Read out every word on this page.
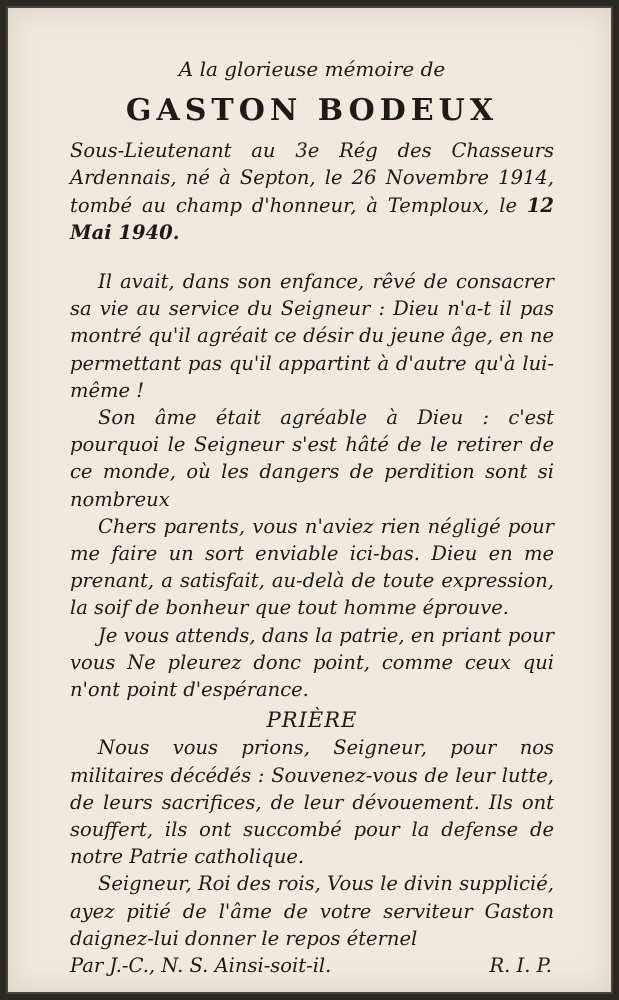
A la glorieuse mémoire de

GASTON BODEUX

Sous-Lieutenant au 3e Rég des Chasseurs Ardennais, né à Septon, le 26 Novembre 1914, tombé au champ d'honneur, à Temploux, le 12 Mai 1940.

Il avait, dans son enfance, rêvé de consacrer sa vie au service du Seigneur : Dieu n'a-t il pas montré qu'il agréait ce désir du jeune âge, en ne permettant pas qu'il appartint à d'autre qu'à lui-même !

Son âme était agréable à Dieu : c'est pourquoi le Seigneur s'est hâté de le retirer de ce monde, où les dangers de perdition sont si nombreux

Chers parents, vous n'aviez rien négligé pour me faire un sort enviable ici-bas. Dieu en me prenant, a satisfait, au-delà de toute expression, la soif de bonheur que tout homme éprouve.

Je vous attends, dans la patrie, en priant pour vous Ne pleurez donc point, comme ceux qui n'ont point d'espérance.

PRIÈRE

Nous vous prions, Seigneur, pour nos militaires décédés : Souvenez-vous de leur lutte, de leurs sacrifices, de leur dévouement. Ils ont souffert, ils ont succombé pour la defense de notre Patrie catholique.

Seigneur, Roi des rois, Vous le divin supplicié, ayez pitié de l'âme de votre serviteur Gaston daignez-lui donner le repos éternel

Par J.-C., N. S. Ainsi-soit-il.	R. I. P.
